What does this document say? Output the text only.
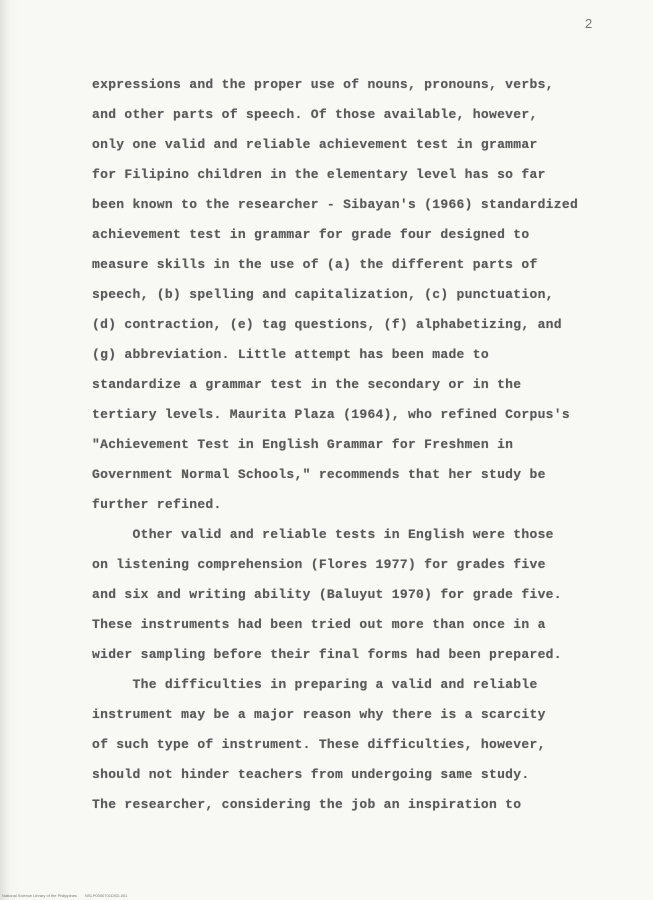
2
expressions and the proper use of nouns, pronouns, verbs,
and other parts of speech. Of those available, however,
only one valid and reliable achievement test in grammar
for Filipino children in the elementary level has so far
been known to the researcher - Sibayan's (1966) standardized
achievement test in grammar for grade four designed to
measure skills in the use of (a) the different parts of
speech, (b) spelling and capitalization, (c) punctuation,
(d) contraction, (e) tag questions, (f) alphabetizing, and
(g) abbreviation. Little attempt has been made to
standardize a grammar test in the secondary or in the
tertiary levels. Maurita Plaza (1964), who refined Corpus's
"Achievement Test in English Grammar for Freshmen in
Government Normal Schools," recommends that her study be
further refined.
Other valid and reliable tests in English were those
on listening comprehension (Flores 1977) for grades five
and six and writing ability (Baluyut 1970) for grade five.
These instruments had been tried out more than once in a
wider sampling before their final forms had been prepared.
The difficulties in preparing a valid and reliable
instrument may be a major reason why there is a scarcity
of such type of instrument. These difficulties, however,
should not hinder teachers from undergoing same study.
The researcher, considering the job an inspiration to
National Science Library of the Philippines NSLP0000701DSD-001
